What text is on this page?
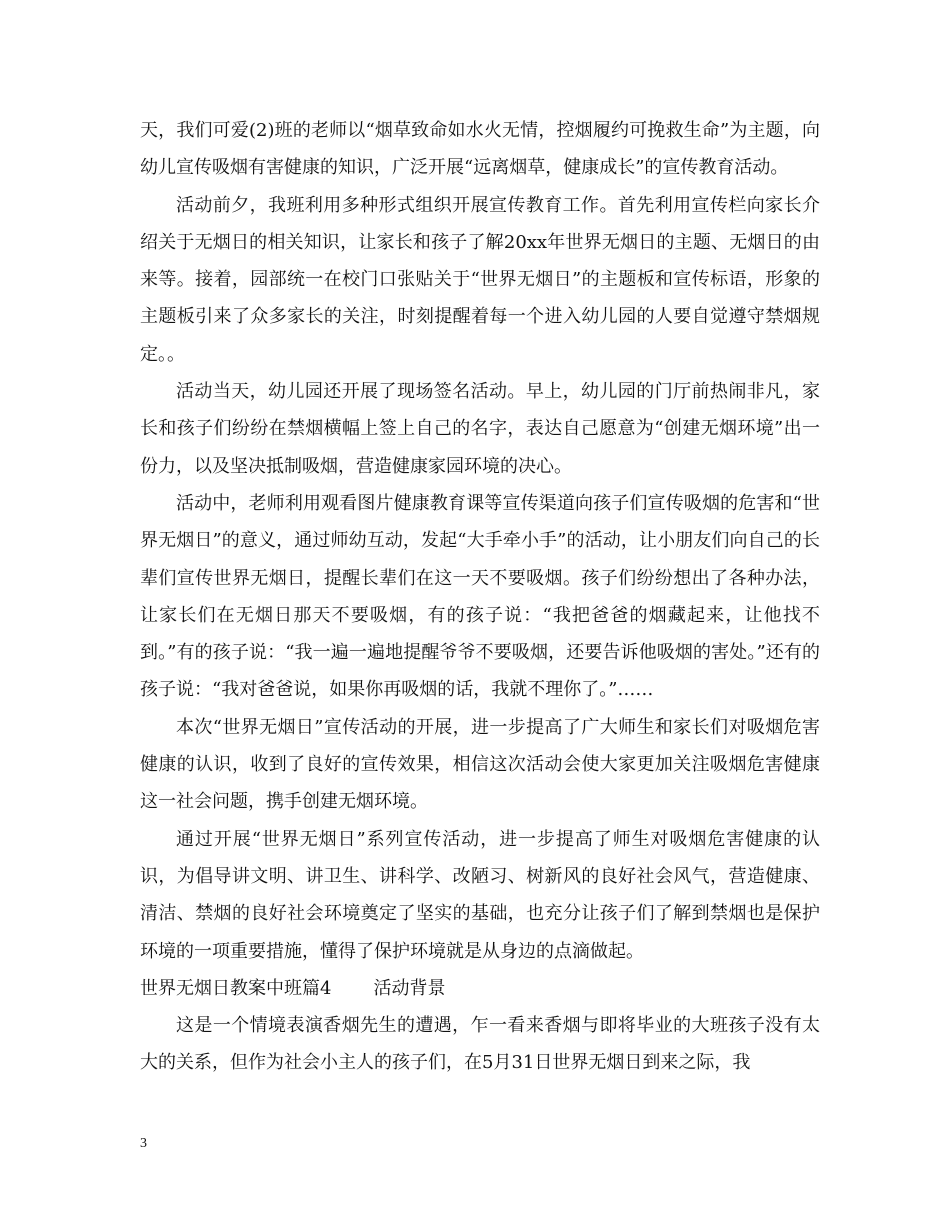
天，我们可爱(2)班的老师以“烟草致命如水火无情，控烟履约可挽救生命”为主题，向幼儿宣传吸烟有害健康的知识，广泛开展“远离烟草，健康成长”的宣传教育活动。

活动前夕，我班利用多种形式组织开展宣传教育工作。首先利用宣传栏向家长介绍关于无烟日的相关知识，让家长和孩子了解20xx年世界无烟日的主题、无烟日的由来等。接着，园部统一在校门口张贴关于“世界无烟日”的主题板和宣传标语，形象的主题板引来了众多家长的关注，时刻提醒着每一个进入幼儿园的人要自觉遵守禁烟规定。。

活动当天，幼儿园还开展了现场签名活动。早上，幼儿园的门厅前热闹非凡，家长和孩子们纷纷在禁烟横幅上签上自己的名字，表达自己愿意为“创建无烟环境”出一份力，以及坚决抵制吸烟，营造健康家园环境的决心。

活动中，老师利用观看图片健康教育课等宣传渠道向孩子们宣传吸烟的危害和“世界无烟日”的意义，通过师幼互动，发起“大手牵小手”的活动，让小朋友们向自己的长辈们宣传世界无烟日，提醒长辈们在这一天不要吸烟。孩子们纷纷想出了各种办法，让家长们在无烟日那天不要吸烟，有的孩子说：“我把爸爸的烟藏起来，让他找不到。”有的孩子说：“我一遍一遍地提醒爷爷不要吸烟，还要告诉他吸烟的害处。”还有的孩子说：“我对爸爸说，如果你再吸烟的话，我就不理你了。”……

本次“世界无烟日”宣传活动的开展，进一步提高了广大师生和家长们对吸烟危害健康的认识，收到了良好的宣传效果，相信这次活动会使大家更加关注吸烟危害健康这一社会问题，携手创建无烟环境。

通过开展“世界无烟日”系列宣传活动，进一步提高了师生对吸烟危害健康的认识，为倡导讲文明、讲卫生、讲科学、改陋习、树新风的良好社会风气，营造健康、清洁、禁烟的良好社会环境奠定了坚实的基础，也充分让孩子们了解到禁烟也是保护环境的一项重要措施，懂得了保护环境就是从身边的点滴做起。

世界无烟日教案中班篇4 活动背景

这是一个情境表演香烟先生的遭遇，乍一看来香烟与即将毕业的大班孩子没有太大的关系，但作为社会小主人的孩子们，在5月31日世界无烟日到来之际，我

3
